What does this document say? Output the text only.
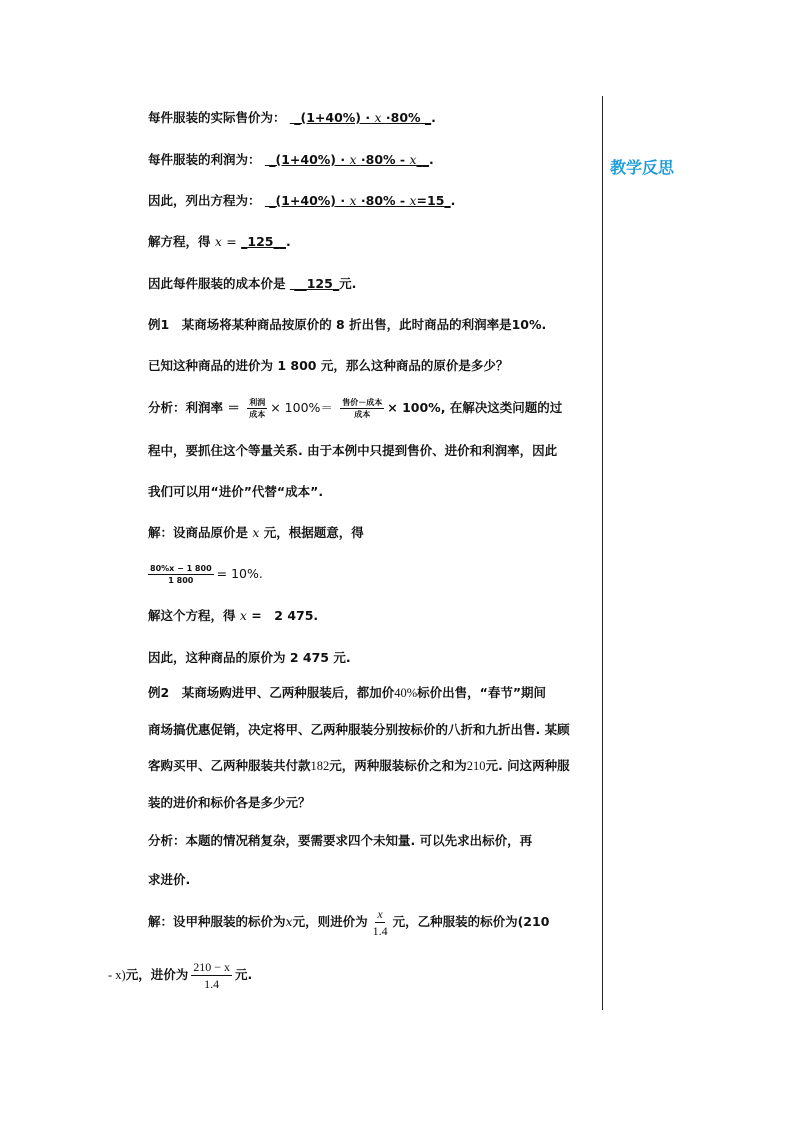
教学反思
每件服装的实际售价为：  _(1+40%) · x ·80% _.
每件服装的利润为：  _(1+40%) · x ·80% - x__.
因此，列出方程为：  _(1+40%) · x ·80% - x=15_.
解方程，得 x = _125__.
因此每件服装的成本价是  __125_元.
例1　某商场将某种商品按原价的 8 折出售，此时商品的利润率是10%.
已知这种商品的进价为 1 800 元，那么这种商品的原价是多少？
分析：利润率 ＝ $\frac{\text{利润}}{\text{成本}} \times 100\%= \frac{\text{售价－成本}}{\text{成本}} \times 100\%$, 在解决这类问题的过
程中，要抓住这个等量关系. 由于本例中只提到售价、进价和利润率，因此
我们可以用“进价”代替“成本”.
解：设商品原价是 x 元，根据题意，得
$\frac{80\%x - 1 800}{1 800} = 10\%$.
解这个方程，得 x =　2 475.
因此，这种商品的原价为 2 475 元.
例2　某商场购进甲、乙两种服装后，都加价40%标价出售，“春节”期间
商场搞优惠促销，决定将甲、乙两种服装分别按标价的八折和九折出售. 某顾
客购买甲、乙两种服装共付款182元，两种服装标价之和为210元. 问这两种服
装的进价和标价各是多少元？
分析：本题的情况稍复杂，要需要求四个未知量. 可以先求出标价，再
求进价.
解：设甲种服装的标价为x元，则进价为 $\frac{x}{1.4}$ 元，乙种服装的标价为(210
- x)元，进价为 $\frac{210 - x}{1.4}$ 元.
